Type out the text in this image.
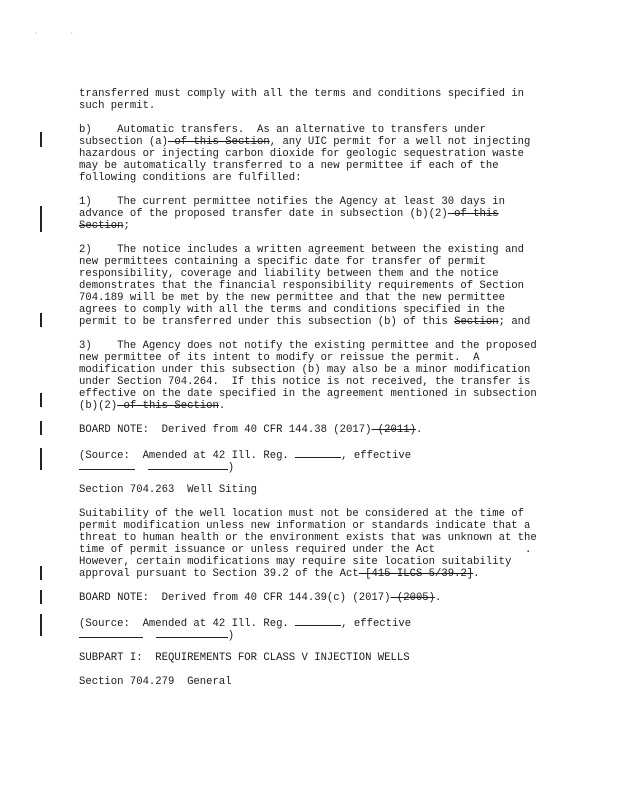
·	·
transferred must comply with all the terms and conditions specified in
such permit.
b)    Automatic transfers.  As an alternative to transfers under
subsection (a) of this Section, any UIC permit for a well not injecting
hazardous or injecting carbon dioxide for geologic sequestration waste
may be automatically transferred to a new permittee if each of the
following conditions are fulfilled:
1)    The current permittee notifies the Agency at least 30 days in
advance of the proposed transfer date in subsection (b)(2) of this
Section;
2)    The notice includes a written agreement between the existing and
new permittees containing a specific date for transfer of permit
responsibility, coverage and liability between them and the notice
demonstrates that the financial responsibility requirements of Section
704.189 will be met by the new permittee and that the new permittee
agrees to comply with all the terms and conditions specified in the
permit to be transferred under this subsection (b) of this Section; and
3)    The Agency does not notify the existing permittee and the proposed
new permittee of its intent to modify or reissue the permit.  A
modification under this subsection (b) may also be a minor modification
under Section 704.264.  If this notice is not received, the transfer is
effective on the date specified in the agreement mentioned in subsection
(b)(2) of this Section.
BOARD NOTE:  Derived from 40 CFR 144.38 (2017) (2011).
(Source:  Amended at 42 Ill. Reg.	, effective
)
Section 704.263  Well Siting
Suitability of the well location must not be considered at the time of
permit modification unless new information or standards indicate that a
threat to human health or the environment exists that was unknown at the
time of permit issuance or unless required under the Act	.
However, certain modifications may require site location suitability
approval pursuant to Section 39.2 of the Act [415 ILCS 5/39.2].
BOARD NOTE:  Derived from 40 CFR 144.39(c) (2017) (2005).
(Source:  Amended at 42 Ill. Reg.	, effective
)
SUBPART I:  REQUIREMENTS FOR CLASS V INJECTION WELLS
Section 704.279  General
